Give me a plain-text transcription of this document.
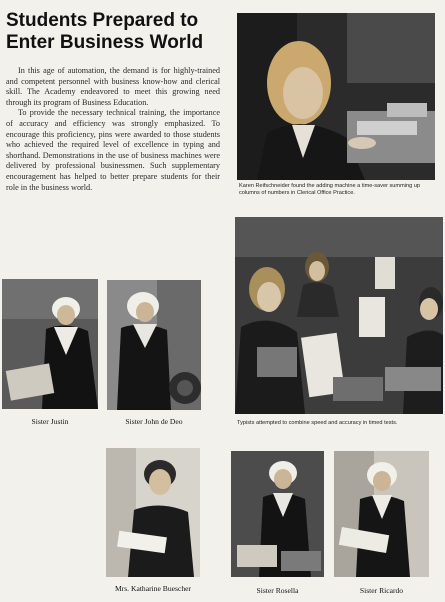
Students Prepared to
Enter Business World

In this age of automation, the demand is for highly-trained and competent personnel with business know-how and clerical skill. The Academy endeavored to meet this growing need through its program of Business Education.

To provide the necessary technical training, the importance of accuracy and efficiency was strongly emphasized. To encourage this proficiency, pins were awarded to those students who achieved the required level of excellence in typing and shorthand. Demonstrations in the use of business machines were delivered by professional businessmen. Such supplementary encouragement has helped to better prepare students for their role in the business world.	Karen Reifschneider found the adding machine a time-saver summing up columns of numbers in Clerical Office Practice.
Typists attempted to combine speed and accuracy in timed tests.
Sister Justin	Sister John de Deo
Mrs. Katharine Buescher	Sister Rosella	Sister Ricardo
